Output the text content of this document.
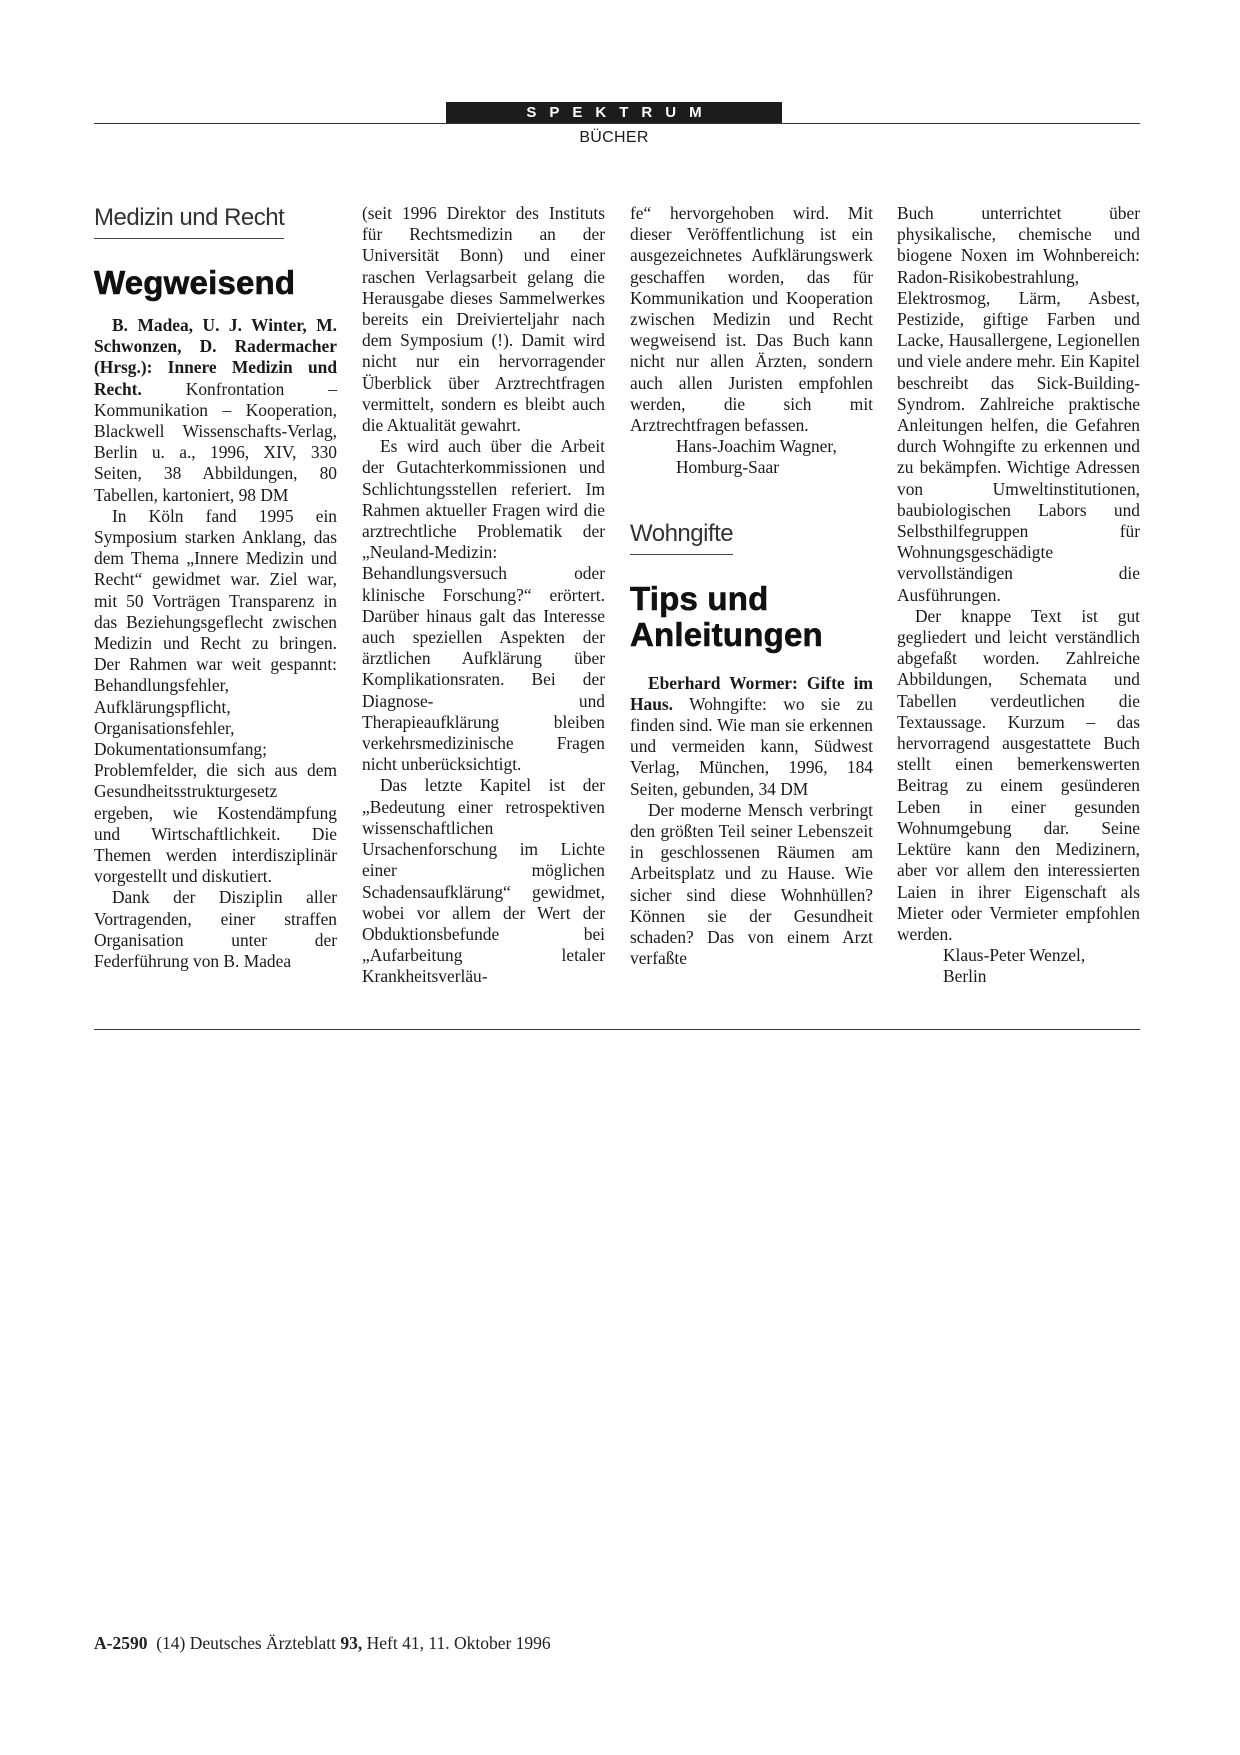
SPEKTRUM
BÜCHER
Medizin und Recht
Wegweisend

B. Madea, U. J. Winter, M. Schwonzen, D. Radermacher (Hrsg.): Innere Medizin und Recht. Konfrontation – Kommunikation – Kooperation, Blackwell Wissenschafts-Verlag, Berlin u. a., 1996, XIV, 330 Seiten, 38 Abbildungen, 80 Tabellen, kartoniert, 98 DM

In Köln fand 1995 ein Symposium starken Anklang, das dem Thema „Innere Medizin und Recht“ gewidmet war. Ziel war, mit 50 Vorträgen Transparenz in das Beziehungsgeflecht zwischen Medizin und Recht zu bringen. Der Rahmen war weit gespannt: Behandlungsfehler, Aufklärungspflicht, Organisationsfehler, Dokumentationsumfang; Problemfelder, die sich aus dem Gesundheitsstrukturgesetz ergeben, wie Kostendämpfung und Wirtschaftlichkeit. Die Themen werden interdisziplinär vorgestellt und diskutiert.

Dank der Disziplin aller Vortragenden, einer straffen Organisation unter der Federführung von B. Madea

(seit 1996 Direktor des Instituts für Rechtsmedizin an der Universität Bonn) und einer raschen Verlagsarbeit gelang die Herausgabe dieses Sammelwerkes bereits ein Dreivierteljahr nach dem Symposium (!). Damit wird nicht nur ein hervorragender Überblick über Arztrechtfragen vermittelt, sondern es bleibt auch die Aktualität gewahrt.

Es wird auch über die Arbeit der Gutachterkommissionen und Schlichtungsstellen referiert. Im Rahmen aktueller Fragen wird die arztrechtliche Problematik der „Neuland-Medizin: Behandlungsversuch oder klinische Forschung?“ erörtert. Darüber hinaus galt das Interesse auch speziellen Aspekten der ärztlichen Aufklärung über Komplikationsraten. Bei der Diagnose- und Therapieaufklärung bleiben verkehrsmedizinische Fragen nicht unberücksichtigt.

Das letzte Kapitel ist der „Bedeutung einer retrospektiven wissenschaftlichen Ursachenforschung im Lichte einer möglichen Schadensaufklärung“ gewidmet, wobei vor allem der Wert der Obduktionsbefunde bei „Aufarbeitung letaler Krankheitsverläu-

fe“ hervorgehoben wird. Mit dieser Veröffentlichung ist ein ausgezeichnetes Aufklärungswerk geschaffen worden, das für Kommunikation und Kooperation zwischen Medizin und Recht wegweisend ist. Das Buch kann nicht nur allen Ärzten, sondern auch allen Juristen empfohlen werden, die sich mit Arztrechtfragen befassen.

Hans-Joachim Wagner,

Homburg-Saar

Wohngifte
Tips und
Anleitungen

Eberhard Wormer: Gifte im Haus. Wohngifte: wo sie zu finden sind. Wie man sie erkennen und vermeiden kann, Südwest Verlag, München, 1996, 184 Seiten, gebunden, 34 DM

Der moderne Mensch verbringt den größten Teil seiner Lebenszeit in geschlossenen Räumen am Arbeitsplatz und zu Hause. Wie sicher sind diese Wohnhüllen? Können sie der Gesundheit schaden? Das von einem Arzt verfaßte

Buch unterrichtet über physikalische, chemische und biogene Noxen im Wohnbereich: Radon-Risikobestrahlung, Elektrosmog, Lärm, Asbest, Pestizide, giftige Farben und Lacke, Hausallergene, Legionellen und viele andere mehr. Ein Kapitel beschreibt das Sick-Building-Syndrom. Zahlreiche praktische Anleitungen helfen, die Gefahren durch Wohngifte zu erkennen und zu bekämpfen. Wichtige Adressen von Umweltinstitutionen, baubiologischen Labors und Selbsthilfegruppen für Wohnungsgeschädigte vervollständigen die Ausführungen.

Der knappe Text ist gut gegliedert und leicht verständlich abgefaßt worden. Zahlreiche Abbildungen, Schemata und Tabellen verdeutlichen die Textaussage. Kurzum – das hervorragend ausgestattete Buch stellt einen bemerkenswerten Beitrag zu einem gesünderen Leben in einer gesunden Wohnumgebung dar. Seine Lektüre kann den Medizinern, aber vor allem den interessierten Laien in ihrer Eigenschaft als Mieter oder Vermieter empfohlen werden.

Klaus-Peter Wenzel,

Berlin

A-2590 (14) Deutsches Ärzteblatt 93, Heft 41, 11. Oktober 1996
